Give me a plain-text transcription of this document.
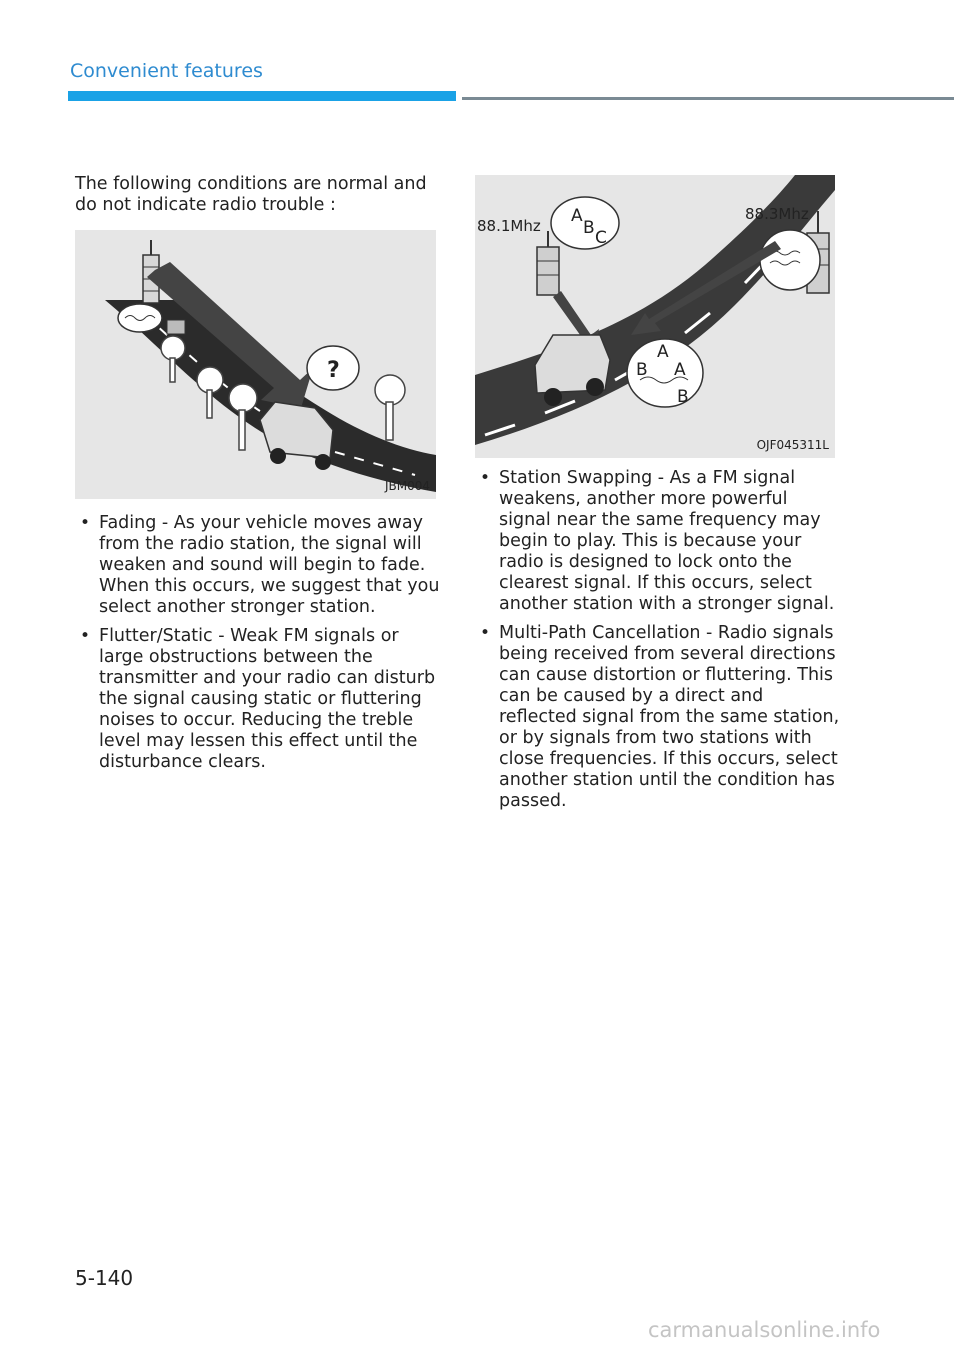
Convenient features

The following conditions are normal and do not indicate radio trouble :

?
JBM004
• Fading - As your vehicle moves away from the radio station, the signal will weaken and sound will begin to fade. When this occurs, we suggest that you select another stronger station.
• Flutter/Static - Weak FM signals or large obstructions between the transmitter and your radio can disturb the signal causing static or fluttering noises to occur. Reducing the treble level may lessen this effect until the disturbance clears.
A
B C
88.1Mhz
88.3Mhz
A
B A
B
OJF045311L
• Station Swapping - As a FM signal weakens, another more powerful signal near the same frequency may begin to play. This is because your radio is designed to lock onto the clearest signal. If this occurs, select another station with a stronger signal.
• Multi-Path Cancellation - Radio signals being received from several directions can cause distortion or fluttering. This can be caused by a direct and reflected signal from the same station, or by signals from two stations with close frequencies. If this occurs, select another station until the condition has passed.
5-140
carmanualsonline.info
